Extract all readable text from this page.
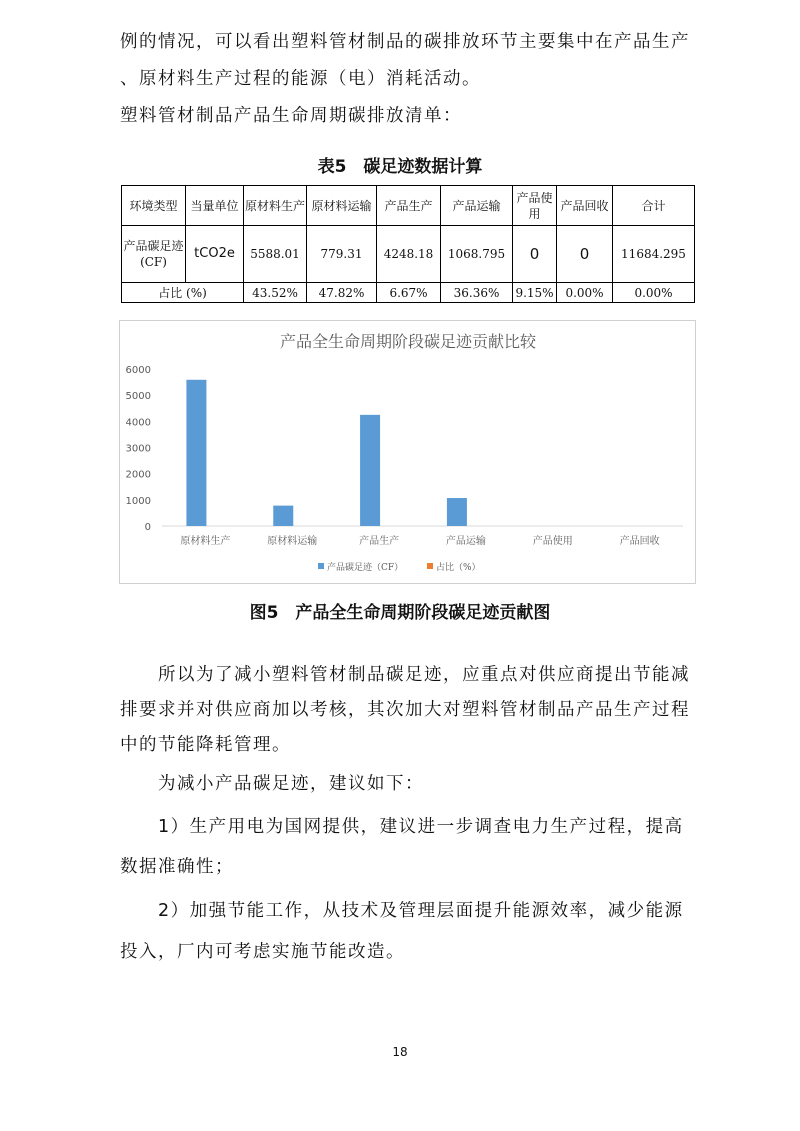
例的情况，可以看出塑料管材制品的碳排放环节主要集中在产品生产
、原材料生产过程的能源（电）消耗活动。
塑料管材制品产品生命周期碳排放清单：
表5　碳足迹数据计算
环境类型	当量单位	原材料生产	原材料运输	产品生产	产品运输	产品使用	产品回收	合计
产品碳足迹(CF)	tCO2e	5588.01	779.31	4248.18	1068.795	0	0	11684.295
占比 (%)		43.52%	47.82%	6.67%	36.36%	9.15%	0.00%	0.00%
产品全生命周期阶段碳足迹贡献比较
0
1000
2000
3000
4000
5000
6000
原材料生产	原材料运输	产品生产	产品运输	产品使用	产品回收
产品碳足迹（CF）	占比（%）
图5　产品全生命周期阶段碳足迹贡献图
所以为了减小塑料管材制品碳足迹，应重点对供应商提出节能减
排要求并对供应商加以考核，其次加大对塑料管材制品产品生产过程
中的节能降耗管理。
为减小产品碳足迹，建议如下：
1）生产用电为国网提供，建议进一步调查电力生产过程，提高
数据准确性；
2）加强节能工作，从技术及管理层面提升能源效率，减少能源
投入，厂内可考虑实施节能改造。
18
